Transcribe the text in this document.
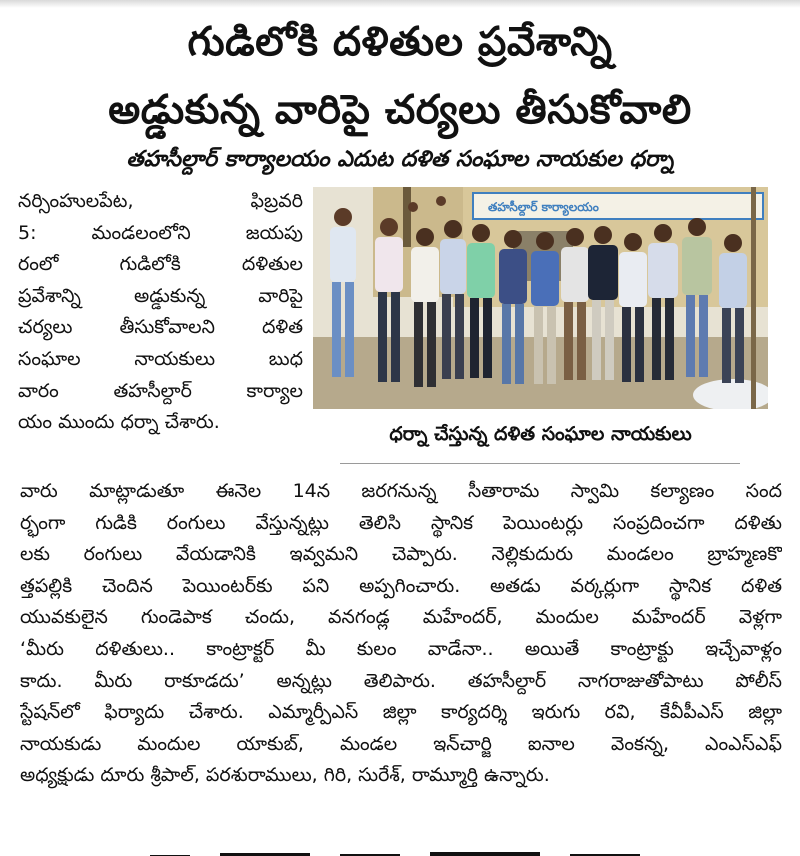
గుడిలోకి దళితుల ప్రవేశాన్ని
అడ్డుకున్న వారిపై చర్యలు తీసుకోవాలి
తహసీల్దార్ కార్యాలయం ఎదుట దళిత సంఘాల నాయకుల ధర్నా
నర్సింహులపేట, ఫిబ్రవరి
5: మండలంలోని జయపు
రంలో గుడిలోకి దళితుల
ప్రవేశాన్ని అడ్డుకున్న వారిపై
చర్యలు తీసుకోవాలని దళిత
సంఘాల నాయకులు బుధ
వారం తహసీల్దార్ కార్యాల
యం ముందు ధర్నా చేశారు.
తహసీల్దార్ కార్యాలయం
ధర్నా చేస్తున్న దళిత సంఘాల నాయకులు
వారు మాట్లాడుతూ ఈనెల 14న జరగనున్న సీతారామ స్వామి కల్యాణం సంద
ర్భంగా గుడికి రంగులు వేస్తున్నట్లు తెలిసి స్థానిక పెయింటర్లు సంప్రదించగా దళితు
లకు రంగులు వేయడానికి ఇవ్వమని చెప్పారు. నెల్లికుదురు మండలం బ్రాహ్మణకొ
త్తపల్లికి చెందిన పెయింటర్‌కు పని అప్పగించారు. అతడు వర్కర్లుగా స్థానిక దళిత
యువకులైన గుండెపాక చందు, వనగండ్ల మహేందర్, మందుల మహేందర్ వెళ్లగా
‘మీరు దళితులు.. కాంట్రాక్టర్ మీ కులం వాడేనా.. అయితే కాంట్రాక్టు ఇచ్చేవాళ్లం
కాదు. మీరు రాకూడదు’ అన్నట్లు తెలిపారు. తహసీల్దార్ నాగరాజుతోపాటు పోలీస్
స్టేషన్‌లో ఫిర్యాదు చేశారు. ఎమ్మార్పీఎస్ జిల్లా కార్యదర్శి ఇరుగు రవి, కేవీపీఎస్ జిల్లా
నాయకుడు మందుల యాకుబ్, మండల ఇన్‌చార్జి ఐనాల వెంకన్న, ఎంఎస్‌ఎఫ్
అధ్యక్షుడు దూరు శ్రీపాల్, పరశురాములు, గిరి, సురేశ్, రామ్మూర్తి ఉన్నారు.
